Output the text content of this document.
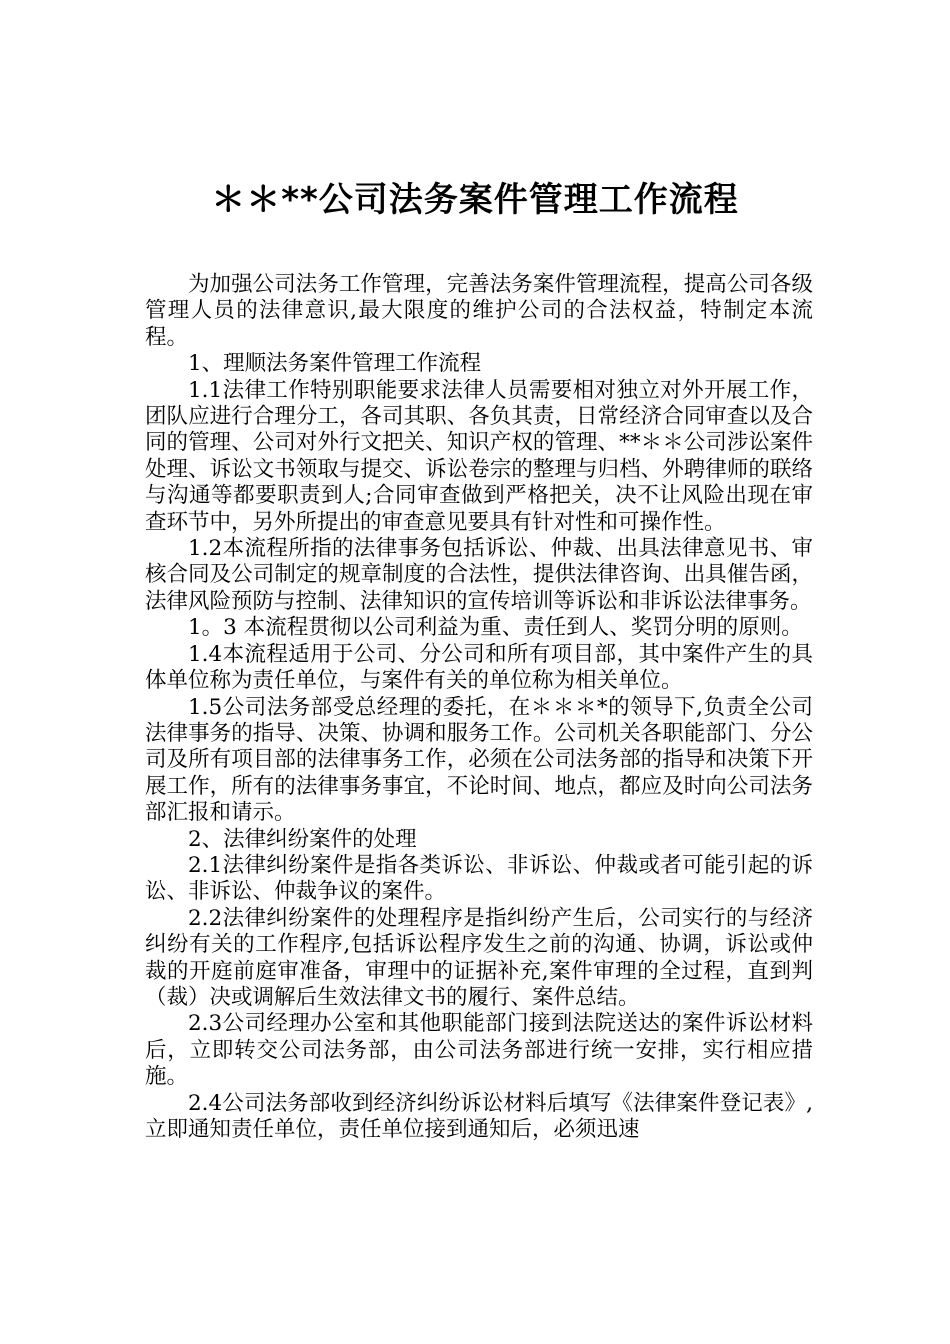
＊＊**公司法务案件管理工作流程

为加强公司法务工作管理，完善法务案件管理流程，提高公司各级管理人员的法律意识,最大限度的维护公司的合法权益，特制定本流程。

1、理顺法务案件管理工作流程

1.1法律工作特别职能要求法律人员需要相对独立对外开展工作，团队应进行合理分工，各司其职、各负其责，日常经济合同审查以及合同的管理、公司对外行文把关、知识产权的管理、**＊＊公司涉讼案件处理、诉讼文书领取与提交、诉讼卷宗的整理与归档、外聘律师的联络与沟通等都要职责到人;合同审查做到严格把关，决不让风险出现在审查环节中，另外所提出的审查意见要具有针对性和可操作性。

1.2本流程所指的法律事务包括诉讼、仲裁、出具法律意见书、审核合同及公司制定的规章制度的合法性，提供法律咨询、出具催告函，法律风险预防与控制、法律知识的宣传培训等诉讼和非诉讼法律事务。

1。3 本流程贯彻以公司利益为重、责任到人、奖罚分明的原则。

1.4本流程适用于公司、分公司和所有项目部，其中案件产生的具体单位称为责任单位，与案件有关的单位称为相关单位。

1.5公司法务部受总经理的委托，在＊＊＊*的领导下,负责全公司法律事务的指导、决策、协调和服务工作。公司机关各职能部门、分公司及所有项目部的法律事务工作，必须在公司法务部的指导和决策下开展工作，所有的法律事务事宜，不论时间、地点，都应及时向公司法务部汇报和请示。

2、法律纠纷案件的处理

2.1法律纠纷案件是指各类诉讼、非诉讼、仲裁或者可能引起的诉讼、非诉讼、仲裁争议的案件。

2.2法律纠纷案件的处理程序是指纠纷产生后，公司实行的与经济纠纷有关的工作程序,包括诉讼程序发生之前的沟通、协调，诉讼或仲裁的开庭前庭审准备，审理中的证据补充,案件审理的全过程，直到判（裁）决或调解后生效法律文书的履行、案件总结。

2.3公司经理办公室和其他职能部门接到法院送达的案件诉讼材料后，立即转交公司法务部，由公司法务部进行统一安排，实行相应措施。

2.4公司法务部收到经济纠纷诉讼材料后填写《法律案件登记表》,立即通知责任单位，责任单位接到通知后，必须迅速
